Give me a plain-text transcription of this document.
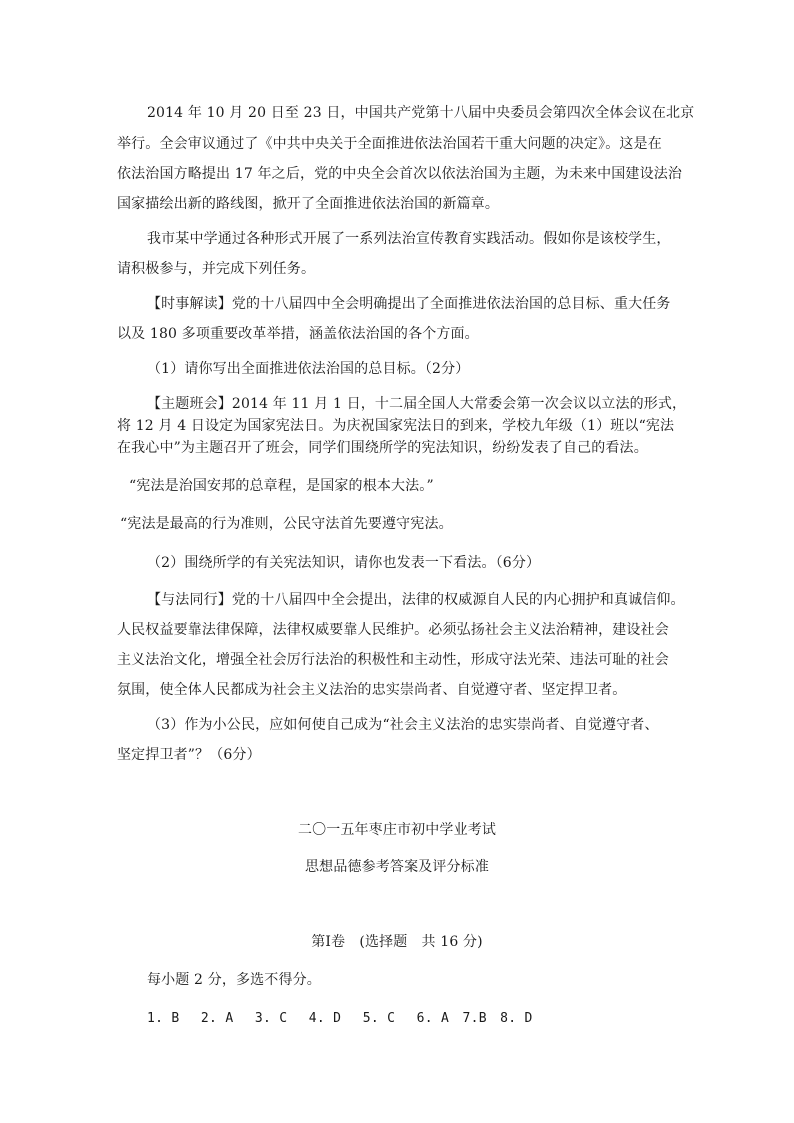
2014 年 10 月 20 日至 23 日，中国共产党第十八届中央委员会第四次全体会议在北京
举行。全会审议通过了《中共中央关于全面推进依法治国若干重大问题的决定》。这是在
依法治国方略提出 17 年之后，党的中央全会首次以依法治国为主题，为未来中国建设法治
国家描绘出新的路线图，掀开了全面推进依法治国的新篇章。
我市某中学通过各种形式开展了一系列法治宣传教育实践活动。假如你是该校学生，
请积极参与，并完成下列任务。
【时事解读】党的十八届四中全会明确提出了全面推进依法治国的总目标、重大任务
以及 180 多项重要改革举措，涵盖依法治国的各个方面。
（1）请你写出全面推进依法治国的总目标。（2分）
【主题班会】2014 年 11 月 1 日，十二届全国人大常委会第一次会议以立法的形式，
将 12 月 4 日设定为国家宪法日。为庆祝国家宪法日的到来，学校九年级（1）班以“宪法
在我心中”为主题召开了班会，同学们围绕所学的宪法知识，纷纷发表了自己的看法。
“宪法是治国安邦的总章程，是国家的根本大法。”
“宪法是最高的行为准则，公民守法首先要遵守宪法。
（2）围绕所学的有关宪法知识，请你也发表一下看法。（6分）
【与法同行】党的十八届四中全会提出，法律的权威源自人民的内心拥护和真诚信仰。
人民权益要靠法律保障，法律权威要靠人民维护。必须弘扬社会主义法治精神，建设社会
主义法治文化，增强全社会厉行法治的积极性和主动性，形成守法光荣、违法可耻的社会
氛围，使全体人民都成为社会主义法治的忠实崇尚者、自觉遵守者、坚定捍卫者。
（3）作为小公民，应如何使自己成为“社会主义法治的忠实崇尚者、自觉遵守者、
坚定捍卫者”？（6分）
二〇一五年枣庄市初中学业考试
思想品德参考答案及评分标准
第Ⅰ卷　(选择题　共 16 分)
每小题 2 分，多选不得分。
1. B　 2. A　 3. C　 4. D　 5. C　 6. A　7.B　8. D
